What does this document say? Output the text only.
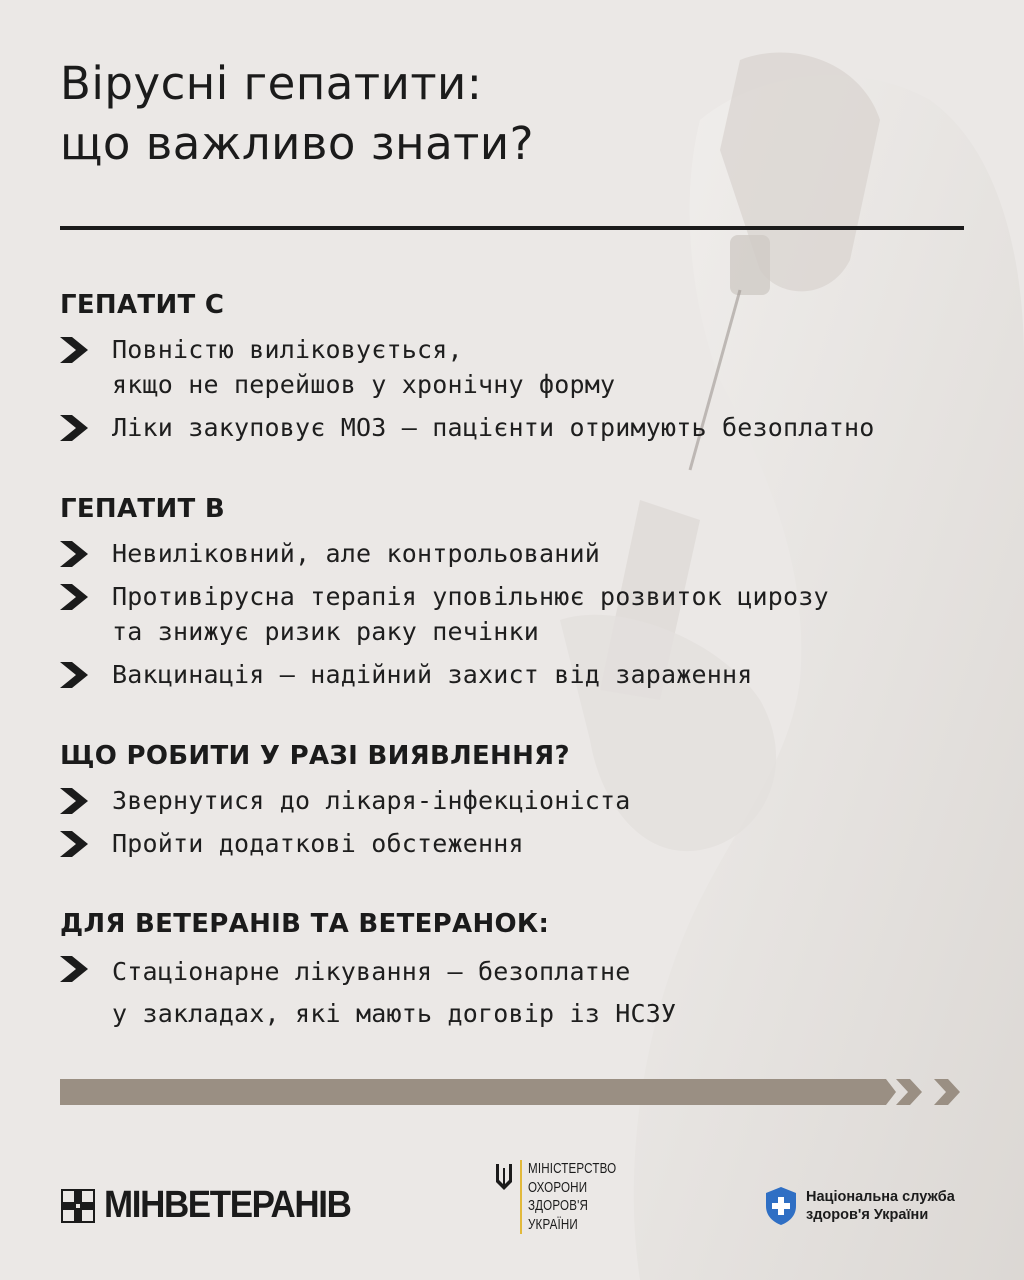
Вірусні гепатити:
що важливо знати?
ГЕПАТИТ С
Повністю виліковується,
якщо не перейшов у хронічну форму
Ліки закуповує МОЗ – пацієнти отримують безоплатно
ГЕПАТИТ В
Невиліковний, але контрольований
Противірусна терапія уповільнює розвиток цирозу
та знижує ризик раку печінки
Вакцинація – надійний захист від зараження
ЩО РОБИТИ У РАЗІ ВИЯВЛЕННЯ?
Звернутися до лікаря-інфекціоніста
Пройти додаткові обстеження
ДЛЯ ВЕТЕРАНІВ ТА ВЕТЕРАНОК:
Стаціонарне лікування – безоплатне
у закладах, які мають договір із НСЗУ
МІНВЕТЕРАНІВ
МІНІСТЕРСТВО
ОХОРОНИ
ЗДОРОВ'Я
УКРАЇНИ
Національна служба
здоров'я України
